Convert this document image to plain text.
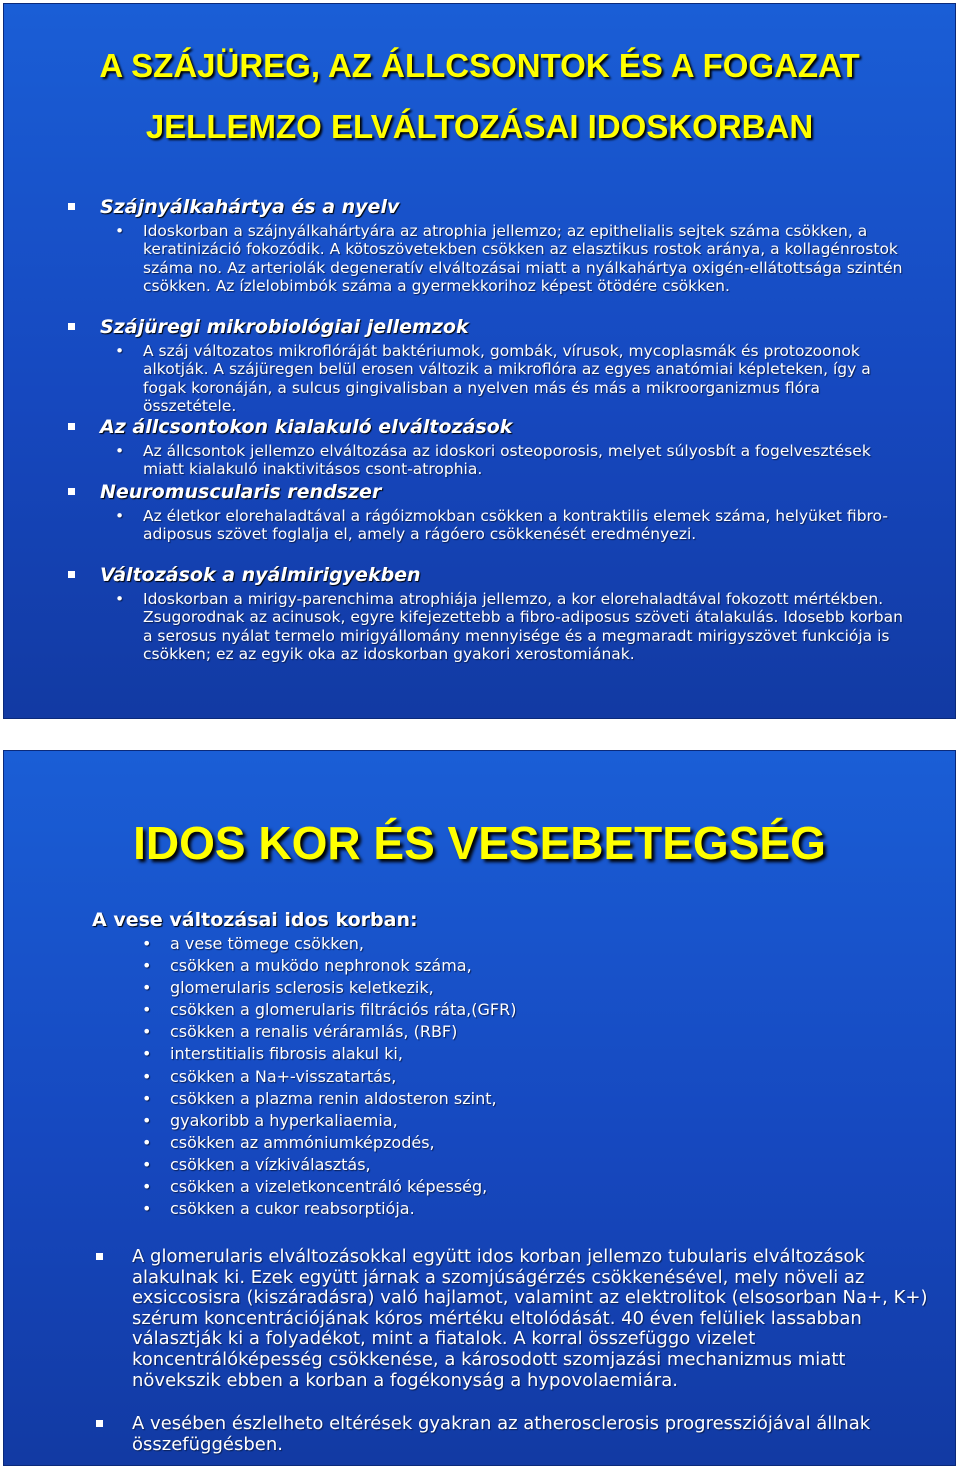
A SZÁJÜREG, AZ ÁLLCSONTOK ÉS A FOGAZAT
JELLEMZO ELVÁLTOZÁSAI IDOSKORBAN

Szájnyálkahártya és a nyelv

• Idoskorban a szájnyálkahártyára az atrophia jellemzo; az epithelialis sejtek száma csökken, a keratinizáció fokozódik. A kötoszövetekben csökken az elasztikus rostok aránya, a kollagénrostok száma no. Az arteriolák degeneratív elváltozásai miatt a nyálkahártya oxigén-ellátottsága szintén csökken. Az ízlelobimbók száma a gyermekkorihoz képest ötödére csökken.

Szájüregi mikrobiológiai jellemzok

• A száj változatos mikroflóráját baktériumok, gombák, vírusok, mycoplasmák és protozoonok alkotják. A szájüregen belül erosen változik a mikroflóra az egyes anatómiai képleteken, így a fogak koronáján, a sulcus gingivalisban a nyelven más és más a mikroorganizmus flóra összetétele.

Az állcsontokon kialakuló elváltozások

• Az állcsontok jellemzo elváltozása az idoskori osteoporosis, melyet súlyosbít a fogelvesztések miatt kialakuló inaktivitásos csont-atrophia.

Neuromuscularis rendszer

• Az életkor elorehaladtával a rágóizmokban csökken a kontraktilis elemek száma, helyüket fibro-adiposus szövet foglalja el, amely a rágóero csökkenését eredményezi.

Változások a nyálmirigyekben

• Idoskorban a mirigy-parenchima atrophiája jellemzo, a kor elorehaladtával fokozott mértékben. Zsugorodnak az acinusok, egyre kifejezettebb a fibro-adiposus szöveti átalakulás. Idosebb korban a serosus nyálat termelo mirigyállomány mennyisége és a megmaradt mirigyszövet funkciója is csökken; ez az egyik oka az idoskorban gyakori xerostomiának.

IDOS KOR ÉS VESEBETEGSÉG

A vese változásai idos korban:

• a vese tömege csökken,
• csökken a muködo nephronok száma,
• glomerularis sclerosis keletkezik,
• csökken a glomerularis filtrációs ráta,(GFR)
• csökken a renalis véráramlás, (RBF)
• interstitialis fibrosis alakul ki,
• csökken a Na+-visszatartás,
• csökken a plazma renin aldosteron szint,
• gyakoribb a hyperkaliaemia,
• csökken az ammóniumképzodés,
• csökken a vízkiválasztás,
• csökken a vizeletkoncentráló képesség,
• csökken a cukor reabsorptiója.

A glomerularis elváltozásokkal együtt idos korban jellemzo tubularis elváltozások alakulnak ki. Ezek együtt járnak a szomjúságérzés csökkenésével, mely növeli az exsiccosisra (kiszáradásra) való hajlamot, valamint az elektrolitok (elsosorban Na+, K+) szérum koncentrációjának kóros mértéku eltolódását. 40 éven felüliek lassabban választják ki a folyadékot, mint a fiatalok. A korral összefüggo vizelet koncentrálóképesség csökkenése, a károsodott szomjazási mechanizmus miatt növekszik ebben a korban a fogékonyság a hypovolaemiára.

A vesében észlelheto eltérések gyakran az atherosclerosis progressziójával állnak összefüggésben.
